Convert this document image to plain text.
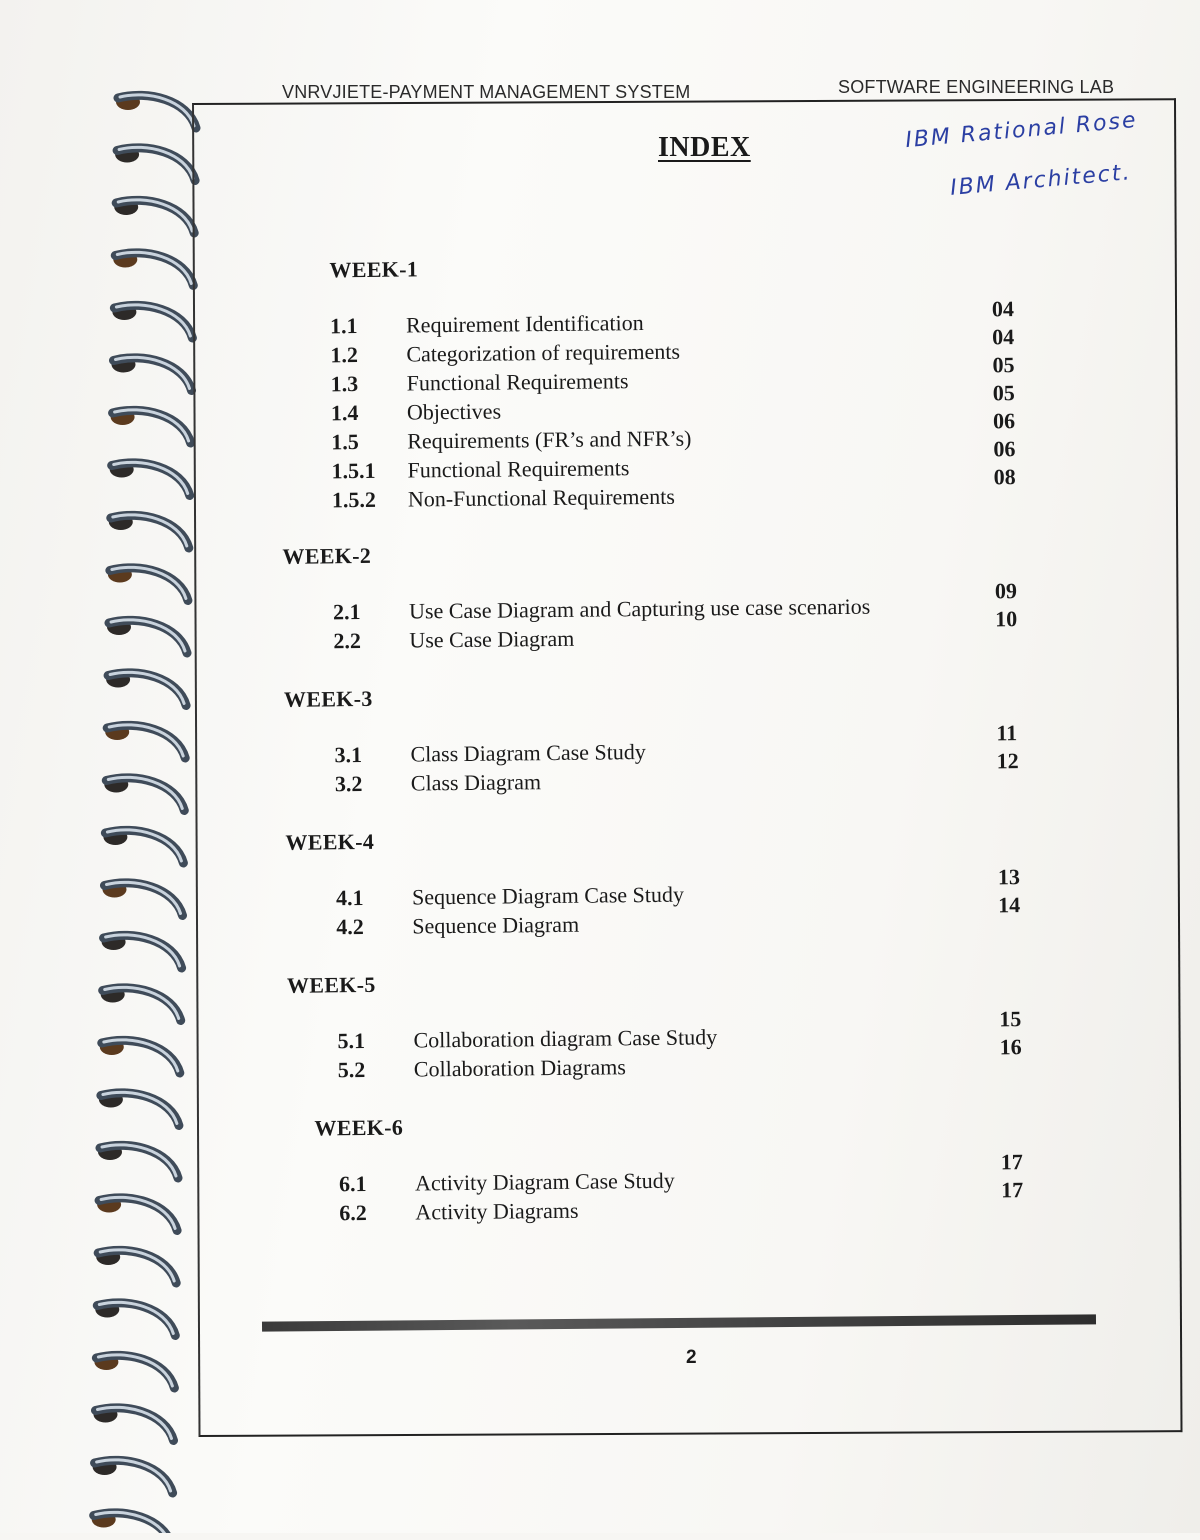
VNRVJIETE-PAYMENT MANAGEMENT SYSTEM	SOFTWARE ENGINEERING LAB
INDEX	IBM Rational Rose
IBM Architect.
WEEK-1
1.1 Requirement Identification
1.2 Categorization of requirements
1.3 Functional Requirements
1.4 Objectives
1.5 Requirements (FR’s and NFR’s)
1.5.1 Functional Requirements
1.5.2 Non-Functional Requirements
04
04
05
05
06
06
08
WEEK-2
2.1 Use Case Diagram and Capturing use case scenarios
2.2 Use Case Diagram
09
10
WEEK-3
3.1 Class Diagram Case Study
3.2 Class Diagram
11
12
WEEK-4
4.1 Sequence Diagram Case Study
4.2 Sequence Diagram
13
14
WEEK-5
5.1 Collaboration diagram Case Study
5.2 Collaboration Diagrams
15
16
WEEK-6
6.1 Activity Diagram Case Study
6.2 Activity Diagrams
17
17
2
